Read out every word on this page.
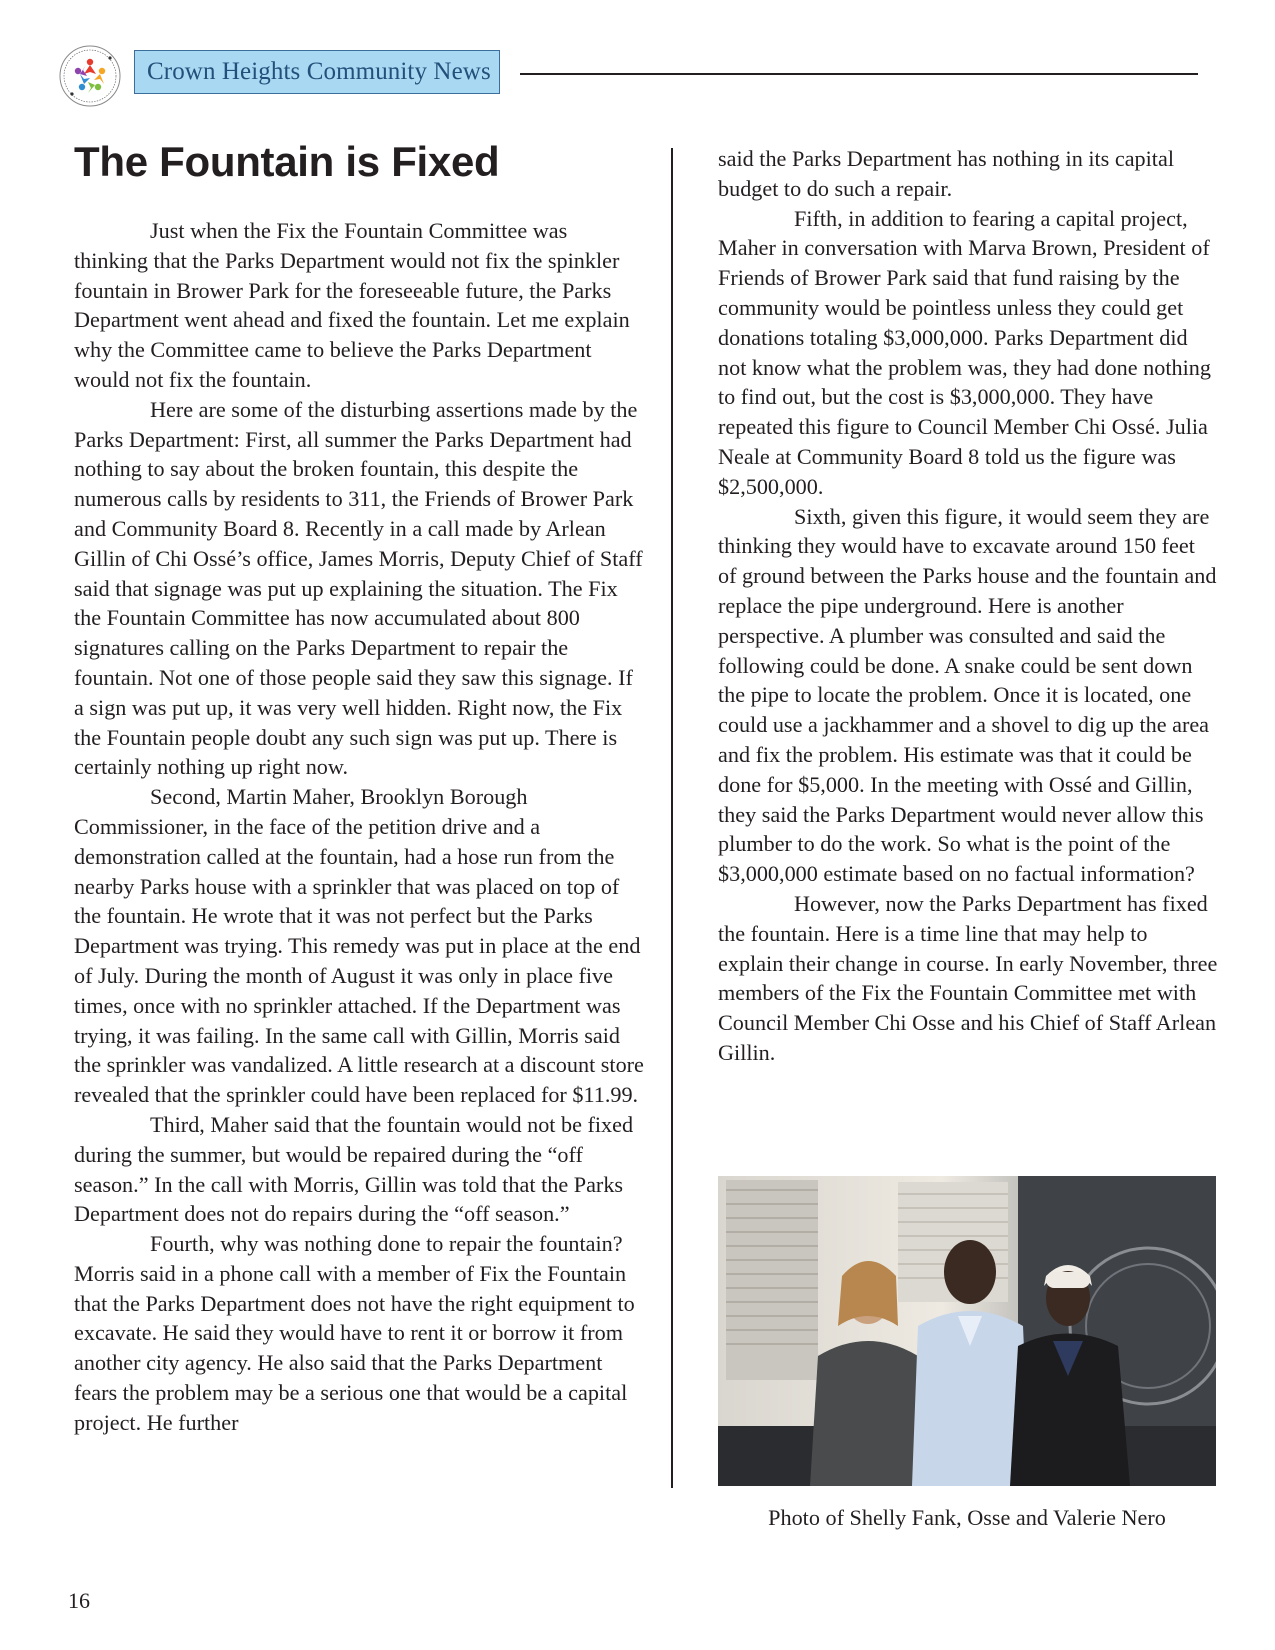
Crown Heights Community News
The Fountain is Fixed

Just when the Fix the Fountain Committee was thinking that the Parks Department would not fix the spinkler fountain in Brower Park for the foreseeable future, the Parks Department went ahead and fixed the fountain. Let me explain why the Committee came to believe the Parks Department would not fix the fountain.

Here are some of the disturbing assertions made by the Parks Department: First, all summer the Parks Department had nothing to say about the broken fountain, this despite the numerous calls by residents to 311, the Friends of Brower Park and Community Board 8. Recently in a call made by Arlean Gillin of Chi Ossé’s office, James Morris, Deputy Chief of Staff said that signage was put up explaining the situation. The Fix the Fountain Committee has now accumulated about 800 signatures calling on the Parks Department to repair the fountain. Not one of those people said they saw this signage. If a sign was put up, it was very well hidden. Right now, the Fix the Fountain people doubt any such sign was put up. There is certainly nothing up right now.

Second, Martin Maher, Brooklyn Borough Commissioner, in the face of the petition drive and a demonstration called at the fountain, had a hose run from the nearby Parks house with a sprinkler that was placed on top of the fountain. He wrote that it was not perfect but the Parks Department was trying. This remedy was put in place at the end of July. During the month of August it was only in place five times, once with no sprinkler attached. If the Department was trying, it was failing. In the same call with Gillin, Morris said the sprinkler was vandalized. A little research at a discount store revealed that the sprinkler could have been replaced for $11.99.

Third, Maher said that the fountain would not be fixed during the summer, but would be repaired during the “off season.” In the call with Morris, Gillin was told that the Parks Department does not do repairs during the “off season.”

Fourth, why was nothing done to repair the fountain? Morris said in a phone call with a member of Fix the Fountain that the Parks Department does not have the right equipment to excavate. He said they would have to rent it or borrow it from another city agency. He also said that the Parks Department fears the problem may be a serious one that would be a capital project. He further

said the Parks Department has nothing in its capital budget to do such a repair.

Fifth, in addition to fearing a capital project, Maher in conversation with Marva Brown, President of Friends of Brower Park said that fund raising by the community would be pointless unless they could get donations totaling $3,000,000. Parks Department did not know what the problem was, they had done nothing to find out, but the cost is $3,000,000. They have repeated this figure to Council Member Chi Ossé. Julia Neale at Community Board 8 told us the figure was $2,500,000.

Sixth, given this figure, it would seem they are thinking they would have to excavate around 150 feet of ground between the Parks house and the fountain and replace the pipe underground. Here is another perspective. A plumber was consulted and said the following could be done. A snake could be sent down the pipe to locate the problem. Once it is located, one could use a jackhammer and a shovel to dig up the area and fix the problem. His estimate was that it could be done for $5,000. In the meeting with Ossé and Gillin, they said the Parks Department would never allow this plumber to do the work. So what is the point of the $3,000,000 estimate based on no factual information?

However, now the Parks Department has fixed the fountain. Here is a time line that may help to explain their change in course. In early November, three members of the Fix the Fountain Committee met with Council Member Chi Osse and his Chief of Staff Arlean Gillin.

Photo of Shelly Fank, Osse and Valerie Nero
16
